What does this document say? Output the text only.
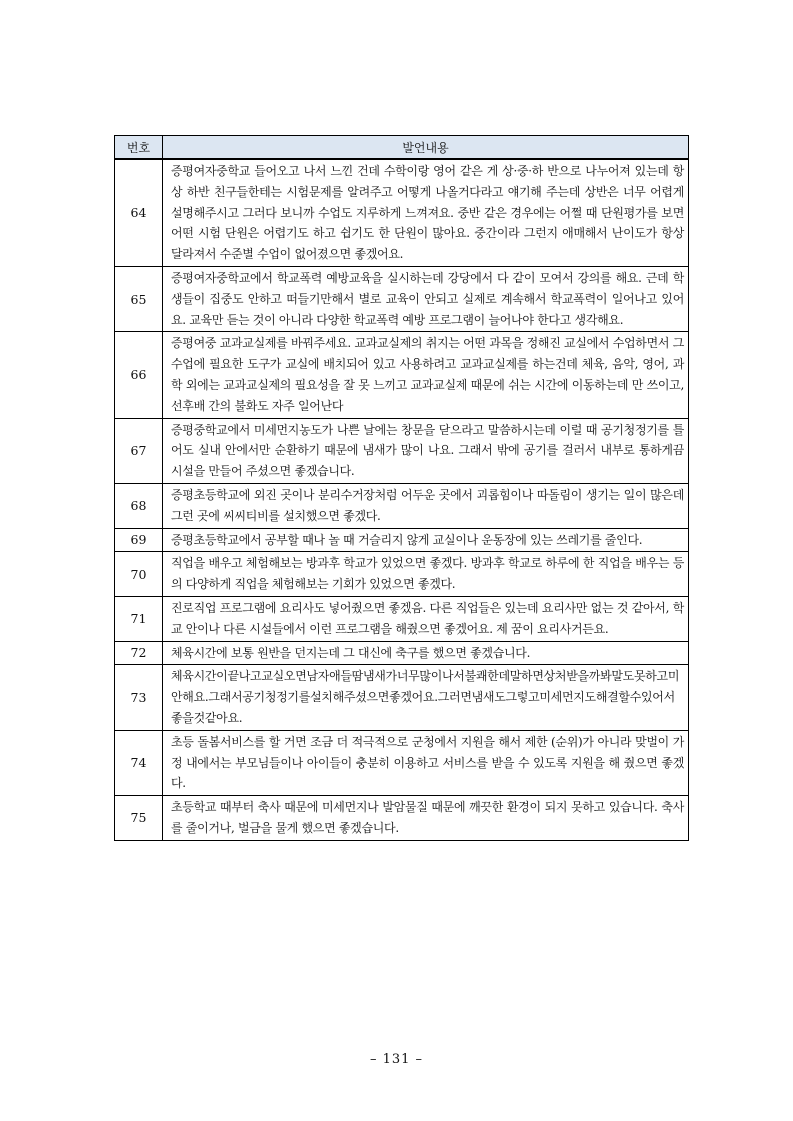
번호	발언내용
64	증평여자중학교 들어오고 나서 느낀 건데 수학이랑 영어 같은 게 상·중·하 반으로 나누어져 있는데 항상 하반 친구들한테는 시험문제를 알려주고 어떻게 나올거다라고 얘기해 주는데 상반은 너무 어렵게 설명해주시고 그러다 보니까 수업도 지루하게 느껴져요. 중반 같은 경우에는 어쩔 때 단원평가를 보면 어떤 시험 단원은 어렵기도 하고 쉽기도 한 단원이 많아요. 중간이라 그런지 애매해서 난이도가 항상 달라져서 수준별 수업이 없어졌으면 좋겠어요.
65	증평여자중학교에서 학교폭력 예방교육을 실시하는데 강당에서 다 같이 모여서 강의를 해요. 근데 학생들이 집중도 안하고 떠들기만해서 별로 교육이 안되고 실제로 계속해서 학교폭력이 일어나고 있어요. 교육만 듣는 것이 아니라 다양한 학교폭력 예방 프로그램이 늘어나야 한다고 생각해요.
66	증평여중 교과교실제를 바꿔주세요. 교과교실제의 취지는 어떤 과목을 정해진 교실에서 수업하면서 그 수업에 필요한 도구가 교실에 배치되어 있고 사용하려고 교과교실제를 하는건데 체육, 음악, 영어, 과학 외에는 교과교실제의 필요성을 잘 못 느끼고 교과교실제 때문에 쉬는 시간에 이동하는데 만 쓰이고, 선후배 간의 불화도 자주 일어난다
67	증평중학교에서 미세먼지농도가 나쁜 날에는 창문을 닫으라고 말씀하시는데 이럴 때 공기청정기를 틀어도 실내 안에서만 순환하기 때문에 냄새가 많이 나요. 그래서 밖에 공기를 걸러서 내부로 통하게끔 시설을 만들어 주셨으면 좋겠습니다.
68	증평초등학교에 외진 곳이나 분리수거장처럼 어두운 곳에서 괴롭힘이나 따돌림이 생기는 일이 많은데 그런 곳에 씨씨티비를 설치했으면 좋겠다.
69	증평초등학교에서 공부할 때나 놀 때 거슬리지 않게 교실이나 운동장에 있는 쓰레기를 줄인다.
70	직업을 배우고 체험해보는 방과후 학교가 있었으면 좋겠다. 방과후 학교로 하루에 한 직업을 배우는 등의 다양하게 직업을 체험해보는 기회가 있었으면 좋겠다.
71	진로직업 프로그램에 요리사도 넣어줬으면 좋겠음. 다른 직업들은 있는데 요리사만 없는 것 같아서, 학교 안이나 다른 시설들에서 이런 프로그램을 해줬으면 좋겠어요. 제 꿈이 요리사거든요.
72	체육시간에 보통 원반을 던지는데 그 대신에 축구를 했으면 좋겠습니다.
73	체육시간이끝나고교실오면남자애들땀냄새가너무많이나서불쾌한데말하면상처받을까봐말도못하고미안해요.그래서공기청정기를설치해주셨으면좋겠어요.그러면냄새도그렇고미세먼지도해결할수있어서좋을것같아요.
74	초등 돌봄서비스를 할 거면 조금 더 적극적으로 군청에서 지원을 해서 제한 (순위)가 아니라 맞벌이 가정 내에서는 부모님들이나 아이들이 충분히 이용하고 서비스를 받을 수 있도록 지원을 해 줬으면 좋겠다.
75	초등학교 때부터 축사 때문에 미세먼지나 발암물질 때문에 깨끗한 환경이 되지 못하고 있습니다. 축사를 줄이거나, 벌금을 물게 했으면 좋겠습니다.
– 131 –
